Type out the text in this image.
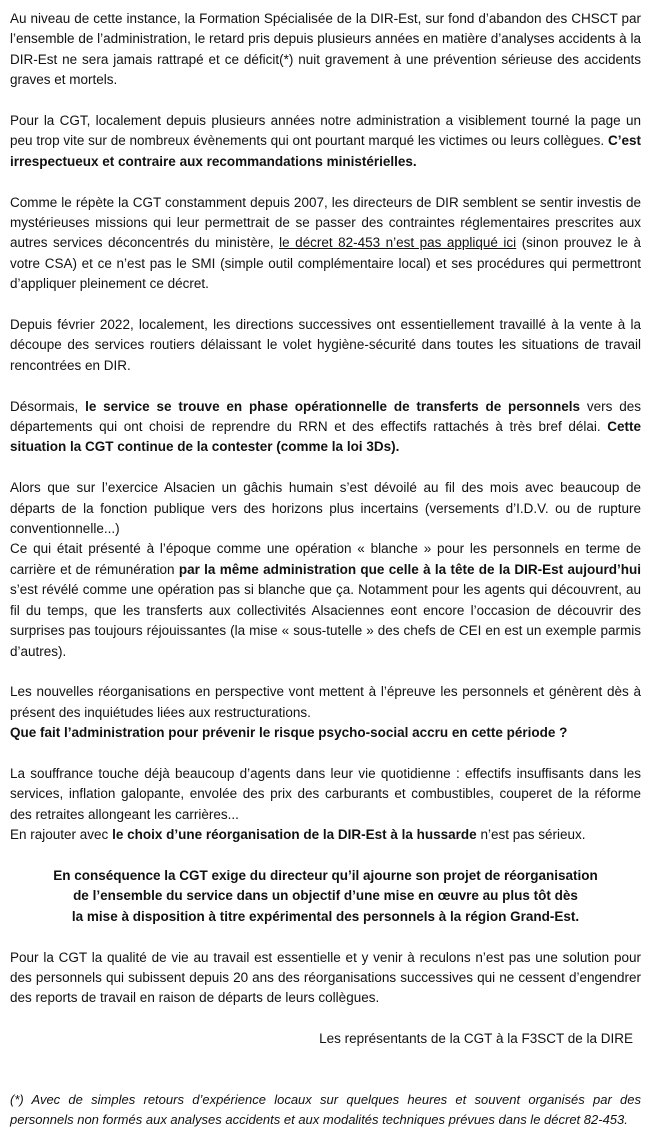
Au niveau de cette instance, la Formation Spécialisée de la DIR-Est, sur fond d’abandon des CHSCT par l’ensemble de l’administration, le retard pris depuis plusieurs années en matière d’analyses accidents à la DIR-Est ne sera jamais rattrapé et ce déficit(*) nuit gravement à une prévention sérieuse des accidents graves et mortels.

Pour la CGT, localement depuis plusieurs années notre administration a visiblement tourné la page un peu trop vite sur de nombreux évènements qui ont pourtant marqué les victimes ou leurs collègues. C’est irrespectueux et contraire aux recommandations ministérielles.

Comme le répète la CGT constamment depuis 2007, les directeurs de DIR semblent se sentir investis de mystérieuses missions qui leur permettrait de se passer des contraintes réglementaires prescrites aux autres services déconcentrés du ministère, le décret 82-453 n’est pas appliqué ici (sinon prouvez le à votre CSA) et ce n’est pas le SMI (simple outil complémentaire local) et ses procédures qui permettront d’appliquer pleinement ce décret.

Depuis février 2022, localement, les directions successives ont essentiellement travaillé à la vente à la découpe des services routiers délaissant le volet hygiène-sécurité dans toutes les situations de travail rencontrées en DIR.

Désormais, le service se trouve en phase opérationnelle de transferts de personnels vers des départements qui ont choisi de reprendre du RRN et des effectifs rattachés à très bref délai. Cette situation la CGT continue de la contester (comme la loi 3Ds).

Alors que sur l’exercice Alsacien un gâchis humain s’est dévoilé au fil des mois avec beaucoup de départs de la fonction publique vers des horizons plus incertains (versements d’I.D.V. ou de rupture conventionnelle...)

Ce qui était présenté à l’époque comme une opération « blanche » pour les personnels en terme de carrière et de rémunération par la même administration que celle à la tête de la DIR-Est aujourd’hui s’est révélé comme une opération pas si blanche que ça. Notamment pour les agents qui découvrent, au fil du temps, que les transferts aux collectivités Alsaciennes eont encore l’occasion de découvrir des surprises pas toujours réjouissantes (la mise « sous-tutelle » des chefs de CEI en est un exemple parmis d’autres).

Les nouvelles réorganisations en perspective vont mettent à l’épreuve les personnels et génèrent dès à présent des inquiétudes liées aux restructurations.
Que fait l’administration pour prévenir le risque psycho-social accru en cette période ?

La souffrance touche déjà beaucoup d’agents dans leur vie quotidienne : effectifs insuffisants dans les services, inflation galopante, envolée des prix des carburants et combustibles, couperet de la réforme des retraites allongeant les carrières...

En rajouter avec le choix d’une réorganisation de la DIR-Est à la hussarde n’est pas sérieux.

En conséquence la CGT exige du directeur qu’il ajourne son projet de réorganisation
de l’ensemble du service dans un objectif d’une mise en œuvre au plus tôt dès
la mise à disposition à titre expérimental des personnels à la région Grand-Est.

Pour la CGT la qualité de vie au travail est essentielle et y venir à reculons n’est pas une solution pour des personnels qui subissent depuis 20 ans des réorganisations successives qui ne cessent d’engendrer des reports de travail en raison de départs de leurs collègues.

Les représentants de la CGT à la F3SCT de la DIRE

(*) Avec de simples retours d’expérience locaux sur quelques heures et souvent organisés par des personnels non formés aux analyses accidents et aux modalités techniques prévues dans le décret 82-453.
